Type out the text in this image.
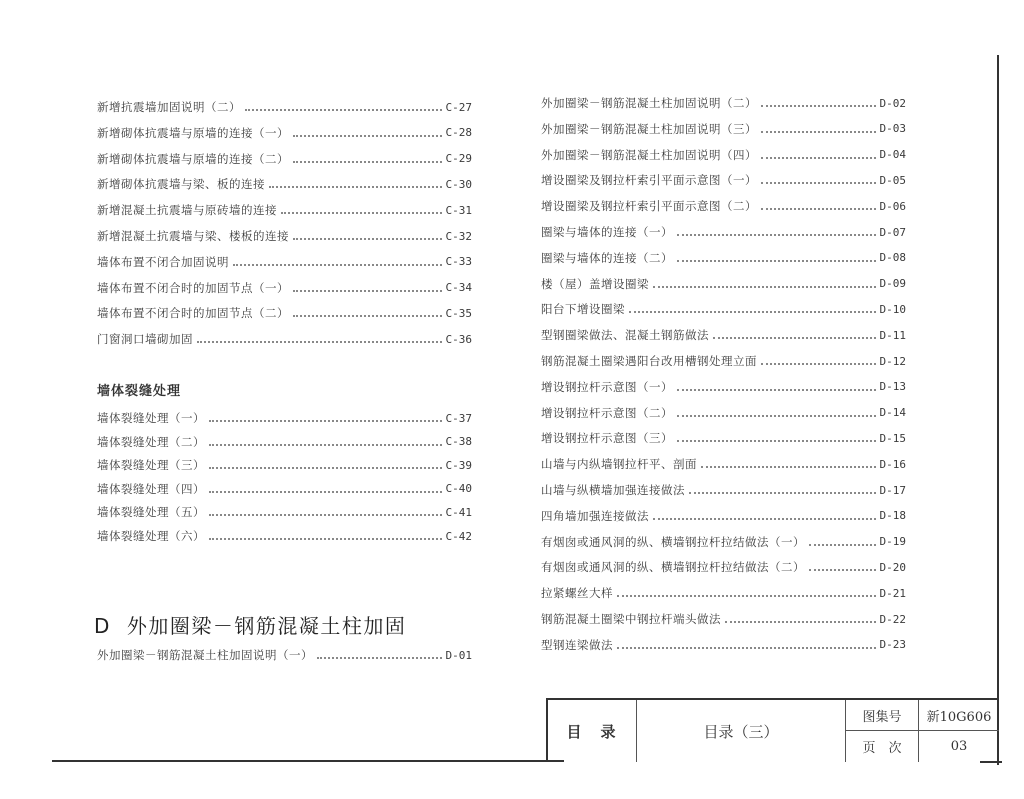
新增抗震墙加固说明（二）	C-27
新增砌体抗震墙与原墙的连接（一）	C-28
新增砌体抗震墙与原墙的连接（二）	C-29
新增砌体抗震墙与梁、板的连接	C-30
新增混凝土抗震墙与原砖墙的连接	C-31
新增混凝土抗震墙与梁、楼板的连接	C-32
墙体布置不闭合加固说明	C-33
墙体布置不闭合时的加固节点（一）	C-34
墙体布置不闭合时的加固节点（二）	C-35
门窗洞口墙砌加固	C-36
墙体裂缝处理
墙体裂缝处理（一）	C-37
墙体裂缝处理（二）	C-38
墙体裂缝处理（三）	C-39
墙体裂缝处理（四）	C-40
墙体裂缝处理（五）	C-41
墙体裂缝处理（六）	C-42
D 外加圈梁－钢筋混凝土柱加固
外加圈梁－钢筋混凝土柱加固说明（一）	D-01
外加圈梁－钢筋混凝土柱加固说明（二）	D-02
外加圈梁－钢筋混凝土柱加固说明（三）	D-03
外加圈梁－钢筋混凝土柱加固说明（四）	D-04
增设圈梁及钢拉杆索引平面示意图（一）	D-05
增设圈梁及钢拉杆索引平面示意图（二）	D-06
圈梁与墙体的连接（一）	D-07
圈梁与墙体的连接（二）	D-08
楼（屋）盖增设圈梁	D-09
阳台下增设圈梁	D-10
型钢圈梁做法、混凝土钢筋做法	D-11
钢筋混凝土圈梁遇阳台改用槽钢处理立面	D-12
增设钢拉杆示意图（一）	D-13
增设钢拉杆示意图（二）	D-14
增设钢拉杆示意图（三）	D-15
山墙与内纵墙钢拉杆平、剖面	D-16
山墙与纵横墙加强连接做法	D-17
四角墙加强连接做法	D-18
有烟囱或通风洞的纵、横墙钢拉杆拉结做法（一）	D-19
有烟囱或通风洞的纵、横墙钢拉杆拉结做法（二）	D-20
拉紧螺丝大样	D-21
钢筋混凝土圈梁中钢拉杆端头做法	D-22
型钢连梁做法	D-23
目　录	目录（三）
图集号	新10G606
页　次	03
